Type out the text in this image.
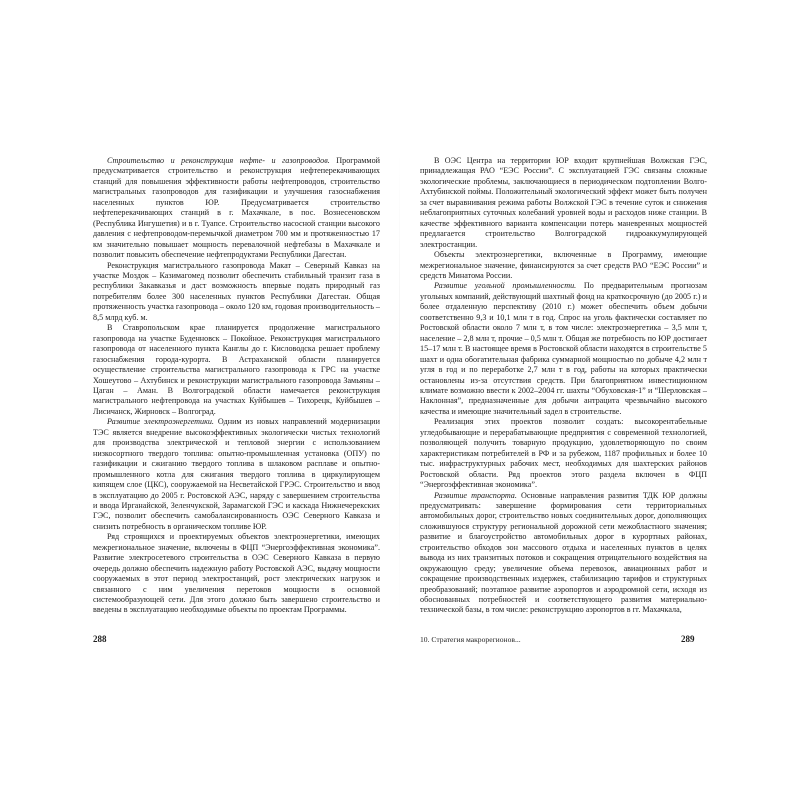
Строительство и реконструкция нефте- и газопроводов. Программой предусматривается строительство и реконструкция нефтеперекачивающих станций для повышения эффективности работы нефтепроводов, строительство магистральных газопроводов для газификации и улучшения газоснабжения населенных пунктов ЮР. Предусматривается строительство нефтеперекачивающих станций в г. Махачкале, в пос. Вознесеновском (Республика Ингушетия) и в г. Туапсе. Строительство насосной станции высокого давления с нефтепроводом-перемычкой диаметром 700 мм и протяженностью 17 км значительно повышает мощность перевалочной нефтебазы в Махачкале и позволит повысить обеспечение нефтепродуктами Республики Дагестан.

Реконструкция магистрального газопровода Макат – Северный Кавказ на участке Моздок – Казимагомед позволит обеспечить стабильный транзит газа в республики Закавказья и даст возможность впервые подать природный газ потребителям более 300 населенных пунктов Республики Дагестан. Общая протяженность участка газопровода – около 120 км, годовая производительность – 8,5 млрд куб. м.

В Ставропольском крае планируется продолжение магистрального газопровода на участке Буденновск – Покойное. Реконструкция магистрального газопровода от населенного пункта Канглы до г. Кисловодска решает проблему газоснабжения города-курорта. В Астраханской области планируется осуществление строительства магистрального газопровода к ГРС на участке Хошеутово – Ахтубинск и реконструкции магистрального газопровода Замьяны – Цаган – Аман. В Волгоградской области намечается реконструкция магистрального нефтепровода на участках Куйбышев – Тихорецк, Куйбышев – Лисичанск, Жирновск – Волгоград.

Развитие электроэнергетики. Одним из новых направлений модернизации ТЭС является внедрение высокоэффективных экологически чистых технологий для производства электрической и тепловой энергии с использованием низкосортного твердого топлива: опытно-промышленная установка (ОПУ) по газификации и сжиганию твердого топлива в шлаковом расплаве и опытно-промышленного котла для сжигания твердого топлива в циркулирующем кипящем слое (ЦКС), сооружаемой на Несветайской ГРЭС. Строительство и ввод в эксплуатацию до 2005 г. Ростовской АЭС, наряду с завершением строительства и ввода Ирганайской, Зеленчукской, Зарамагской ГЭС и каскада Нижнечерекских ГЭС, позволит обеспечить самобалансированность ОЭС Северного Кавказа и снизить потребность в органическом топливе ЮР.

Ряд строящихся и проектируемых объектов электроэнергетики, имеющих межрегиональное значение, включены в ФЦП “Энергоэффективная экономика”. Развитие электросетевого строительства в ОЭС Северного Кавказа в первую очередь должно обеспечить надежную работу Ростовской АЭС, выдачу мощности сооружаемых в этот период электростанций, рост электрических нагрузок и связанного с ним увеличения перетоков мощности в основной системообразующей сети. Для этого должно быть завершено строительство и введены в эксплуатацию необходимые объекты по проектам Программы.

288

В ОЭС Центра на территории ЮР входит крупнейшая Волжская ГЭС, принадлежащая РАО “ЕЭС России”. С эксплуатацией ГЭС связаны сложные экологические проблемы, заключающиеся в периодическом подтоплении Волго-Ахтубинской поймы. Положительный экологический эффект может быть получен за счет выравнивания режима работы Волжской ГЭС в течение суток и снижения неблагоприятных суточных колебаний уровней воды и расходов ниже станции. В качестве эффективного варианта компенсации потерь маневренных мощностей предлагается строительство Волгоградской гидроаккумулирующей электростанции.

Объекты электроэнергетики, включенные в Программу, имеющие межрегиональное значение, финансируются за счет средств РАО “ЕЭС России” и средств Минатома России.

Развитие угольной промышленности. По предварительным прогнозам угольных компаний, действующий шахтный фонд на краткосрочную (до 2005 г.) и более отдаленную перспективу (2010 г.) может обеспечить объем добычи соответственно 9,3 и 10,1 млн т в год. Спрос на уголь фактически составляет по Ростовской области около 7 млн т, в том числе: электроэнергетика – 3,5 млн т, население – 2,8 млн т, прочие – 0,5 млн т. Общая же потребность по ЮР достигает 15–17 млн т. В настоящее время в Ростовской области находятся в строительстве 5 шахт и одна обогатительная фабрика суммарной мощностью по добыче 4,2 млн т угля в год и по переработке 2,7 млн т в год, работы на которых практически остановлены из-за отсутствия средств. При благоприятном инвестиционном климате возможно ввести к 2002–2004 гг. шахты “Обуховская-1” и “Шерловская – Наклонная”, предназначенные для добычи антрацита чрезвычайно высокого качества и имеющие значительный задел в строительстве.

Реализация этих проектов позволит создать: высокорентабельные угледобывающие и перерабатывающие предприятия с современной технологией, позволяющей получить товарную продукцию, удовлетворяющую по своим характеристикам потребителей в РФ и за рубежом, 1187 профильных и более 10 тыс. инфраструктурных рабочих мест, необходимых для шахтерских районов Ростовской области. Ряд проектов этого раздела включен в ФЦП “Энергоэффективная экономика”.

Развитие транспорта. Основные направления развития ТДК ЮР должны предусматривать: завершение формирования сети территориальных автомобильных дорог, строительство новых соединительных дорог, дополняющих сложившуюся структуру региональной дорожной сети межобластного значения; развитие и благоустройство автомобильных дорог в курортных районах, строительство обходов зон массового отдыха и населенных пунктов в целях вывода из них транзитных потоков и сокращения отрицательного воздействия на окружающую среду; увеличение объема перевозок, авиационных работ и сокращение производственных издержек, стабилизацию тарифов и структурных преобразований; поэтапное развитие аэропортов и аэродромной сети, исходя из обоснованных потребностей и соответствующего развития материально-технической базы, в том числе: реконструкцию аэропортов в гг. Махачкала,

10. Стратегия макрорегионов...	289
